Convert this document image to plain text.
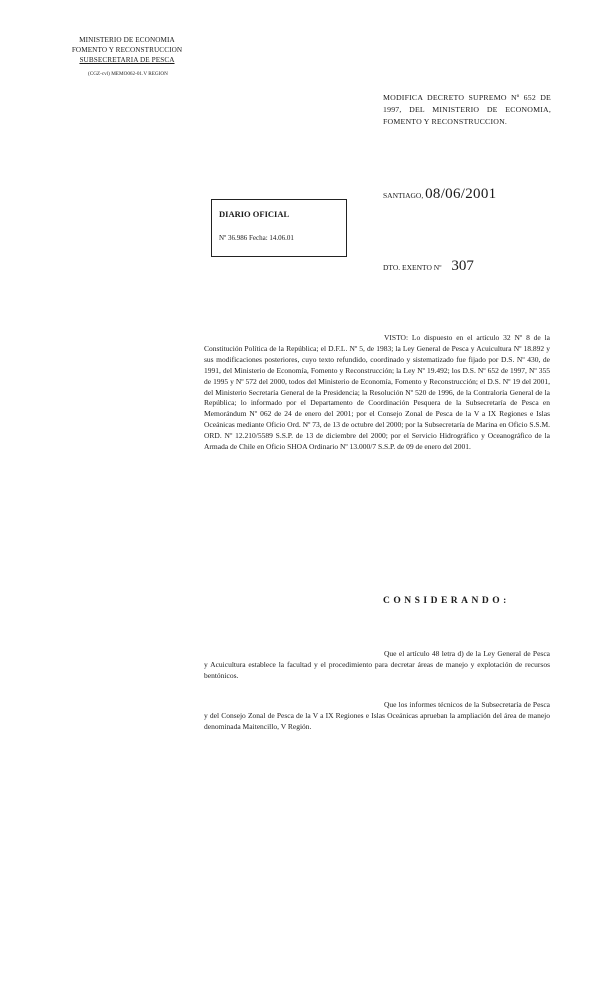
MINISTERIO DE ECONOMIA
FOMENTO Y RECONSTRUCCION
SUBSECRETARIA DE PESCA
(CGZ-cvl) MEMO062-01.V REGION
MODIFICA DECRETO SUPREMO Nº 652 DE 1997, DEL MINISTERIO DE ECONOMIA, FOMENTO Y RECONSTRUCCION.
SANTIAGO, 08/06/2001
DIARIO OFICIAL
Nº 36.986 Fecha: 14.06.01
DTO. EXENTO Nº 307

VISTO: Lo dispuesto en el artículo 32 Nº 8 de la Constitución Política de la República; el D.F.L. Nº 5, de 1983; la Ley General de Pesca y Acuicultura Nº 18.892 y sus modificaciones posteriores, cuyo texto refundido, coordinado y sistematizado fue fijado por D.S. Nº 430, de 1991, del Ministerio de Economía, Fomento y Reconstrucción; la Ley Nº 19.492; los D.S. Nº 652 de 1997, Nº 355 de 1995 y Nº 572 del 2000, todos del Ministerio de Economía, Fomento y Reconstrucción; el D.S. Nº 19 del 2001, del Ministerio Secretaría General de la Presidencia; la Resolución Nº 520 de 1996, de la Contraloría General de la República; lo informado por el Departamento de Coordinación Pesquera de la Subsecretaría de Pesca en Memorándum Nº 062 de 24 de enero del 2001; por el Consejo Zonal de Pesca de la V a IX Regiones e Islas Oceánicas mediante Oficio Ord. Nº 73, de 13 de octubre del 2000; por la Subsecretaría de Marina en Oficio S.S.M. ORD. Nº 12.210/5589 S.S.P. de 13 de diciembre del 2000; por el Servicio Hidrográfico y Oceanográfico de la Armada de Chile en Oficio SHOA Ordinario Nº 13.000/7 S.S.P. de 09 de enero del 2001.

CONSIDERANDO:

Que el artículo 48 letra d) de la Ley General de Pesca y Acuicultura establece la facultad y el procedimiento para decretar áreas de manejo y explotación de recursos bentónicos.

Que los informes técnicos de la Subsecretaría de Pesca y del Consejo Zonal de Pesca de la V a IX Regiones e Islas Oceánicas aprueban la ampliación del área de manejo denominada Maitencillo, V Región.
